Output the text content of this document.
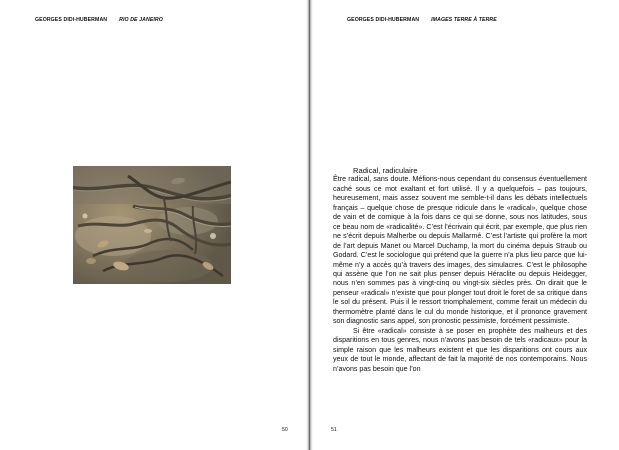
GEORGES DIDI-HUBERMAN RIO DE JANEIRO
50
GEORGES DIDI-HUBERMAN IMAGES TERRE À TERRE
51
Radical, radiculaire

Être radical, sans doute. Méfions-nous cependant du consensus éventuellement caché sous ce mot exaltant et fort utilisé. Il y a quelquefois – pas toujours, heureusement, mais assez souvent me semble-t-il dans les débats intellectuels français – quelque chose de presque ridicule dans le «radical», quelque chose de vain et de comique à la fois dans ce qui se donne, sous nos latitudes, sous ce beau nom de «radicalité». C’est l’écrivain qui écrit, par exemple, que plus rien ne s’écrit depuis Malherbe ou depuis Mallarmé. C’est l’artiste qui profère la mort de l’art depuis Manet ou Marcel Duchamp, la mort du cinéma depuis Straub ou Godard. C’est le sociologue qui prétend que la guerre n’a plus lieu parce que lui-même n’y a accès qu’à travers des images, des simulacres. C’est le philosophe qui assène que l’on ne sait plus penser depuis Héraclite ou depuis Heidegger, nous n’en sommes pas à vingt-cinq ou vingt-six siècles près. On dirait que le penseur «radical» n’existe que pour plonger tout droit le foret de sa critique dans le sol du présent. Puis il le ressort triomphalement, comme ferait un médecin du thermomètre planté dans le cul du monde historique, et il prononce gravement son diagnostic sans appel, son pronostic pessimiste, forcément pessimiste.

Si être «radical» consiste à se poser en prophète des malheurs et des disparitions en tous genres, nous n’avons pas besoin de tels «radicaux» pour la simple raison que les malheurs existent et que les disparitions ont cours aux yeux de tout le monde, affectant de fait la majorité de nos contemporains. Nous n’avons pas besoin que l’on
